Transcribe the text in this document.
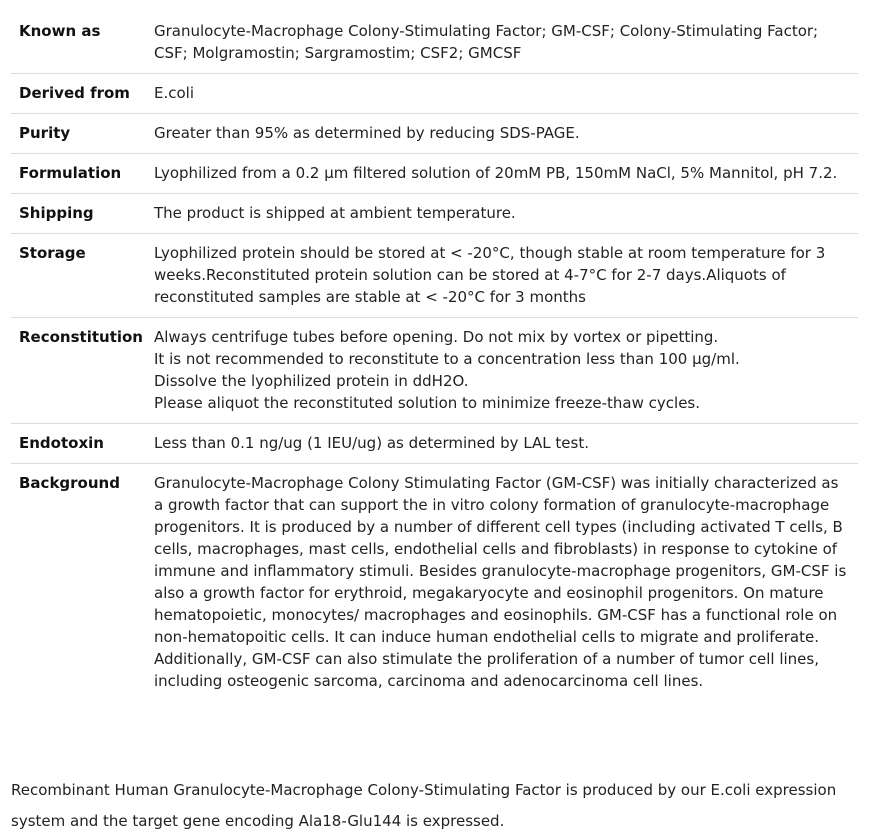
Known as	Granulocyte-Macrophage Colony-Stimulating Factor; GM-CSF; Colony-Stimulating Factor; CSF; Molgramostin; Sargramostim; CSF2; GMCSF
Derived from	E.coli
Purity	Greater than 95% as determined by reducing SDS-PAGE.
Formulation	Lyophilized from a 0.2 μm filtered solution of 20mM PB, 150mM NaCl, 5% Mannitol, pH 7.2.
Shipping	The product is shipped at ambient temperature.
Storage	Lyophilized protein should be stored at < -20°C, though stable at room temperature for 3 weeks.Reconstituted protein solution can be stored at 4-7°C for 2-7 days.Aliquots of reconstituted samples are stable at < -20°C for 3 months
Reconstitution	Always centrifuge tubes before opening. Do not mix by vortex or pipetting.
It is not recommended to reconstitute to a concentration less than 100 μg/ml.
Dissolve the lyophilized protein in ddH2O.
Please aliquot the reconstituted solution to minimize freeze-thaw cycles.

Endotoxin	Less than 0.1 ng/ug (1 IEU/ug) as determined by LAL test.
Background	Granulocyte-Macrophage Colony Stimulating Factor (GM-CSF) was initially characterized as a growth factor that can support the in vitro colony formation of granulocyte-macrophage progenitors. It is produced by a number of different cell types (including activated T cells, B cells, macrophages, mast cells, endothelial cells and fibroblasts) in response to cytokine of immune and inflammatory stimuli. Besides granulocyte-macrophage progenitors, GM-CSF is also a growth factor for erythroid, megakaryocyte and eosinophil progenitors. On mature hematopoietic, monocytes/ macrophages and eosinophils. GM-CSF has a functional role on non-hematopoitic cells. It can induce human endothelial cells to migrate and proliferate. Additionally, GM-CSF can also stimulate the proliferation of a number of tumor cell lines, including osteogenic sarcoma, carcinoma and adenocarcinoma cell lines.

Recombinant Human Granulocyte-Macrophage Colony-Stimulating Factor is produced by our E.coli expression system and the target gene encoding Ala18-Glu144 is expressed.
